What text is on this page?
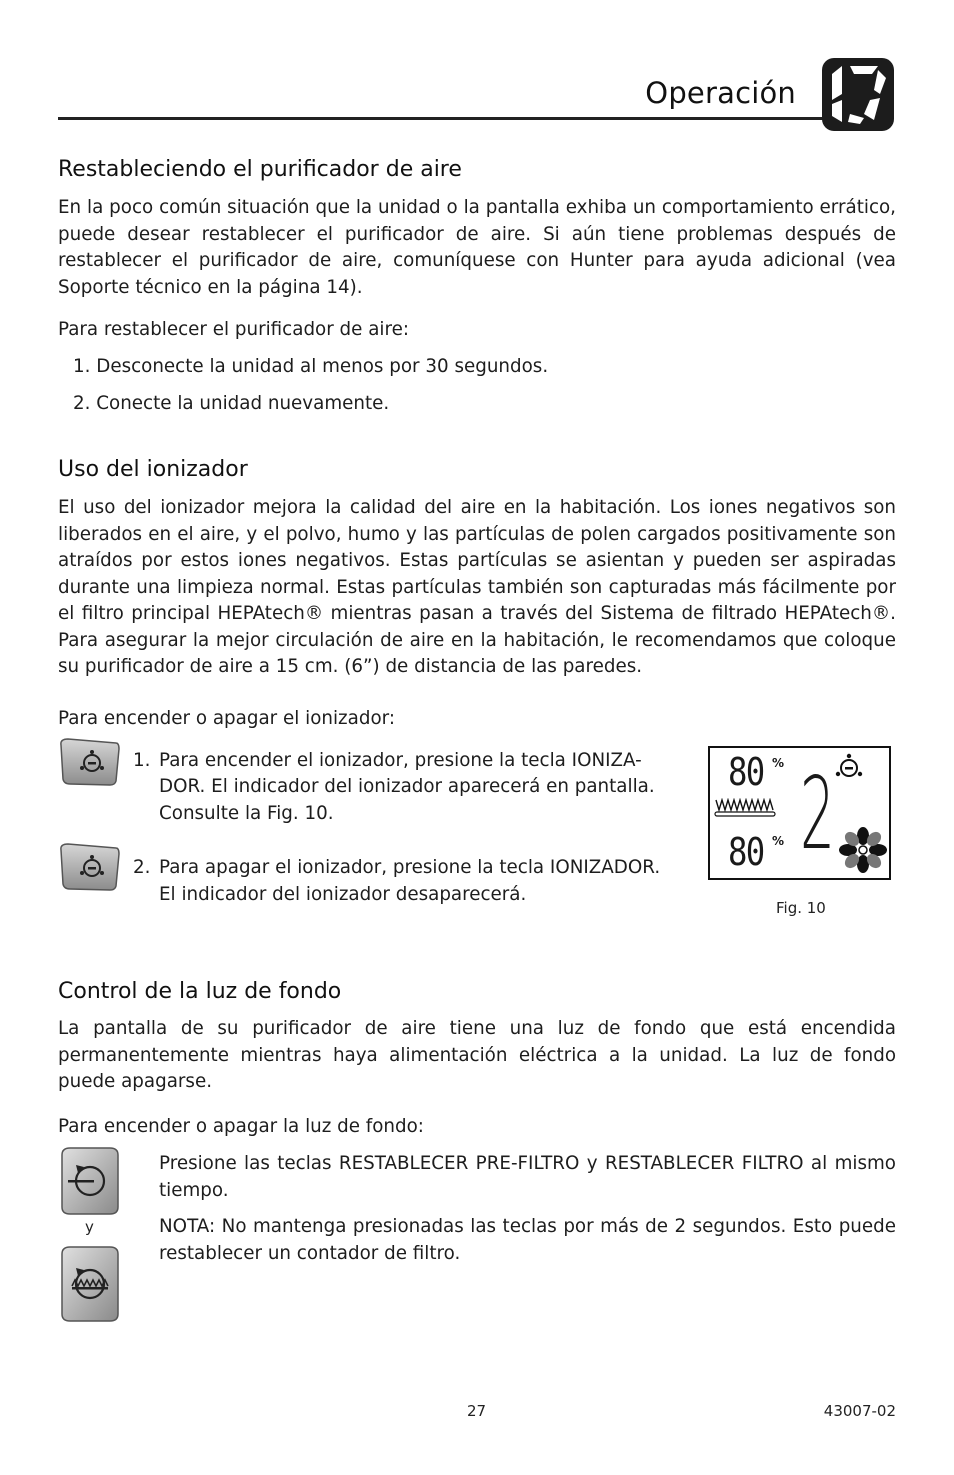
Operación
Restableciendo el purificador de aire
En la poco común situación que la unidad o la pantalla exhiba un comportamiento errático, puede desear restablecer el purificador de aire. Si aún tiene problemas después de restablecer el purificador de aire, comuníquese con Hunter para ayuda adicional (vea Soporte técnico en la página 14).
Para restablecer el purificador de aire:
1. Desconecte la unidad al menos por 30 segundos.
2. Conecte la unidad nuevamente.
Uso del ionizador
El uso del ionizador mejora la calidad del aire en la habitación. Los iones negativos son liberados en el aire, y el polvo, humo y las partículas de polen cargados positivamente son atraídos por estos iones negativos. Estas partículas se asientan y pueden ser aspiradas durante una limpieza normal. Estas partículas también son capturadas más fácilmente por el filtro principal HEPAtech® mientras pasan a través del Sistema de filtrado HEPAtech®. Para asegurar la mejor circulación de aire en la habitación, le recomendamos que coloque su purificador de aire a 15 cm. (6”) de distancia de las paredes.
Para encender o apagar el ionizador:
1. Para encender el ionizador, presione la tecla IONIZA-
DOR. El indicador del ionizador aparecerá en pantalla.
Consulte la Fig. 10.
2. Para apagar el ionizador, presione la tecla IONIZADOR.
El indicador del ionizador desaparecerá.
80 %
80 % 2
Fig. 10
Control de la luz de fondo
La pantalla de su purificador de aire tiene una luz de fondo que está encendida permanentemente mientras haya alimentación eléctrica a la unidad. La luz de fondo puede apagarse.
Para encender o apagar la luz de fondo:
y
Presione las teclas RESTABLECER PRE-FILTRO y RESTABLECER FILTRO al mismo tiempo.
NOTA: No mantenga presionadas las teclas por más de 2 segundos. Esto puede restablecer un contador de filtro.
27	43007-02
